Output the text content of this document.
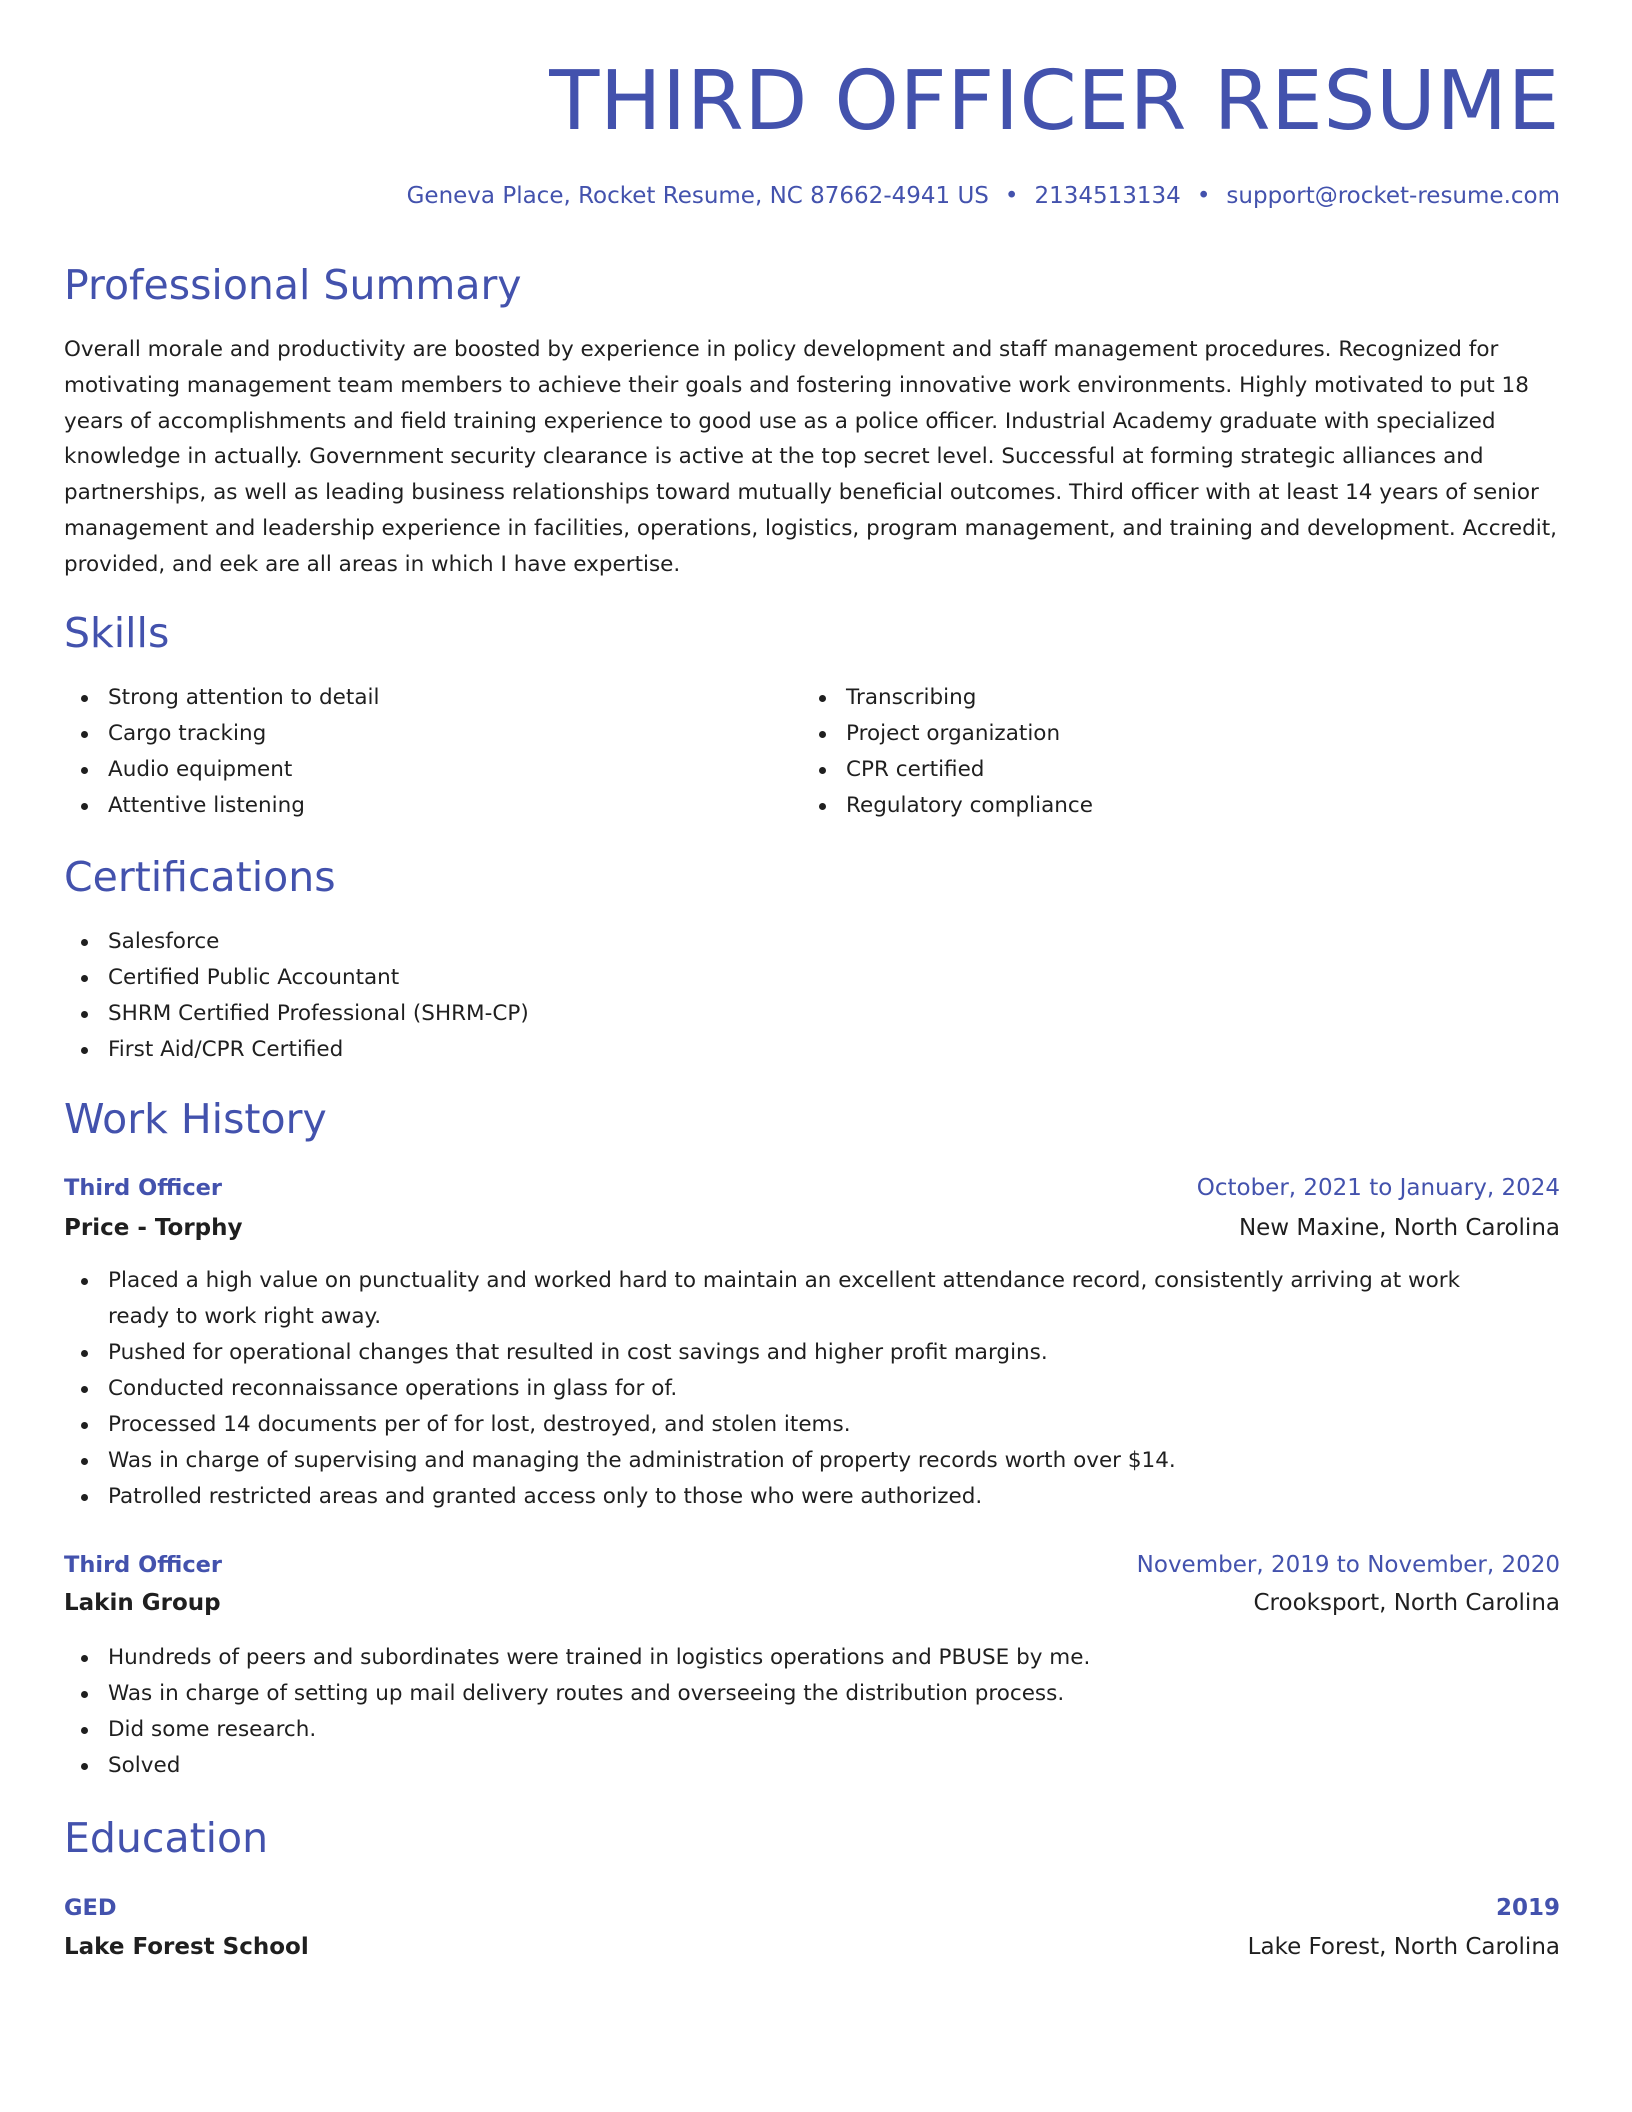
THIRD OFFICER RESUME
Geneva Place, Rocket Resume, NC 87662-4941 US • 2134513134 • support@rocket-resume.com
Professional Summary
Overall morale and productivity are boosted by experience in policy development and staff management procedures. Recognized for motivating management team members to achieve their goals and fostering innovative work environments. Highly motivated to put 18 years of accomplishments and field training experience to good use as a police officer. Industrial Academy graduate with specialized knowledge in actually. Government security clearance is active at the top secret level. Successful at forming strategic alliances and partnerships, as well as leading business relationships toward mutually beneficial outcomes. Third officer with at least 14 years of senior management and leadership experience in facilities, operations, logistics, program management, and training and development. Accredit, provided, and eek are all areas in which I have expertise.
Skills
Strong attention to detail
Cargo tracking
Audio equipment
Attentive listening
Transcribing
Project organization
CPR certified
Regulatory compliance
Certifications
Salesforce
Certified Public Accountant
SHRM Certified Professional (SHRM-CP)
First Aid/CPR Certified
Work History
Third Officer	October, 2021 to January, 2024
Price - Torphy	New Maxine, North Carolina
Placed a high value on punctuality and worked hard to maintain an excellent attendance record, consistently arriving at work ready to work right away.
Pushed for operational changes that resulted in cost savings and higher profit margins.
Conducted reconnaissance operations in glass for of.
Processed 14 documents per of for lost, destroyed, and stolen items.
Was in charge of supervising and managing the administration of property records worth over $14.
Patrolled restricted areas and granted access only to those who were authorized.
Third Officer	November, 2019 to November, 2020
Lakin Group	Crooksport, North Carolina
Hundreds of peers and subordinates were trained in logistics operations and PBUSE by me.
Was in charge of setting up mail delivery routes and overseeing the distribution process.
Did some research.
Solved
Education
GED	2019
Lake Forest School	Lake Forest, North Carolina
